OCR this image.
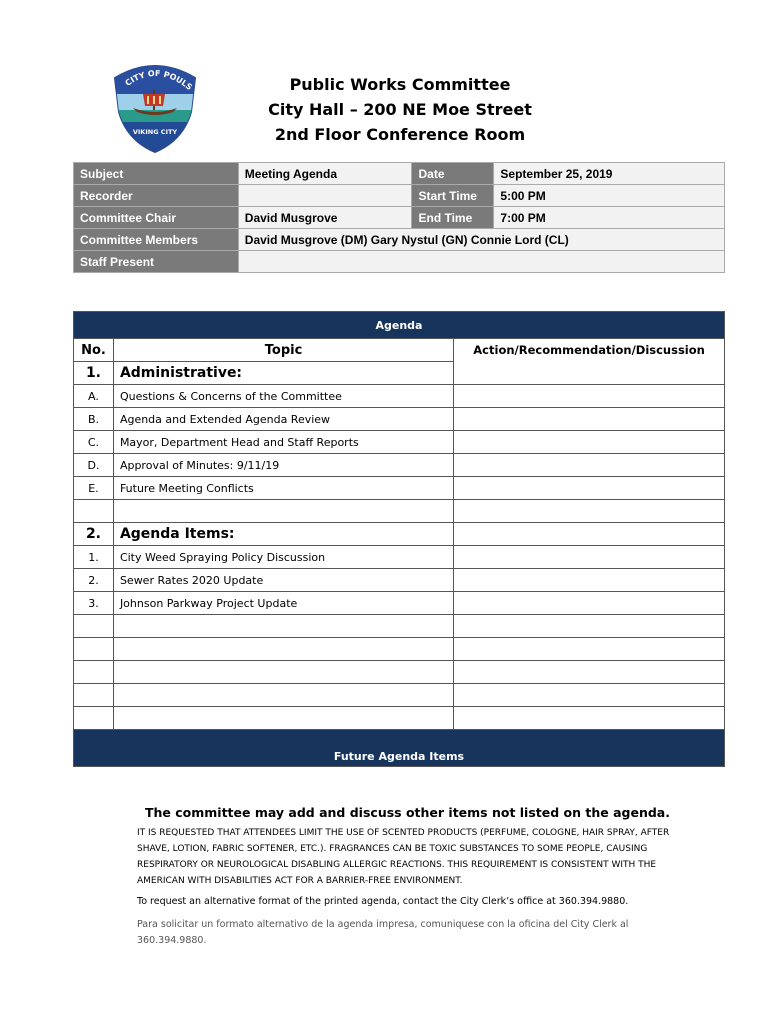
CITY OF POULS
VIKING CITY
Public Works Committee
City Hall – 200 NE Moe Street
2nd Floor Conference Room
Subject	Meeting Agenda	Date	September 25, 2019
Recorder		Start Time	5:00 PM
Committee Chair	David Musgrove	End Time	7:00 PM
Committee Members	David Musgrove (DM) Gary Nystul (GN) Connie Lord (CL)		
Staff Present			
Agenda		
No.	Topic	Action/Recommendation/Discussion
1.	Administrative:	
A.	Questions & Concerns of the Committee	
B.	Agenda and Extended Agenda Review	
C.	Mayor, Department Head and Staff Reports	
D.	Approval of Minutes: 9/11/19	
E.	Future Meeting Conflicts	

2.	Agenda Items:	
1.	City Weed Spraying Policy Discussion	
2.	Sewer Rates 2020 Update	
3.	Johnson Parkway Project Update	

Future Agenda Items		
The committee may add and discuss other items not listed on the agenda.
IT IS REQUESTED THAT ATTENDEES LIMIT THE USE OF SCENTED PRODUCTS (PERFUME, COLOGNE, HAIR SPRAY, AFTER SHAVE, LOTION, FABRIC SOFTENER, ETC.). FRAGRANCES CAN BE TOXIC SUBSTANCES TO SOME PEOPLE, CAUSING RESPIRATORY OR NEUROLOGICAL DISABLING ALLERGIC REACTIONS. THIS REQUIREMENT IS CONSISTENT WITH THE AMERICAN WITH DISABILITIES ACT FOR A BARRIER-FREE ENVIRONMENT.
To request an alternative format of the printed agenda, contact the City Clerk’s office at 360.394.9880.
Para solicitar un formato alternativo de la agenda impresa, comuniquese con la oficina del City Clerk al 360.394.9880.
